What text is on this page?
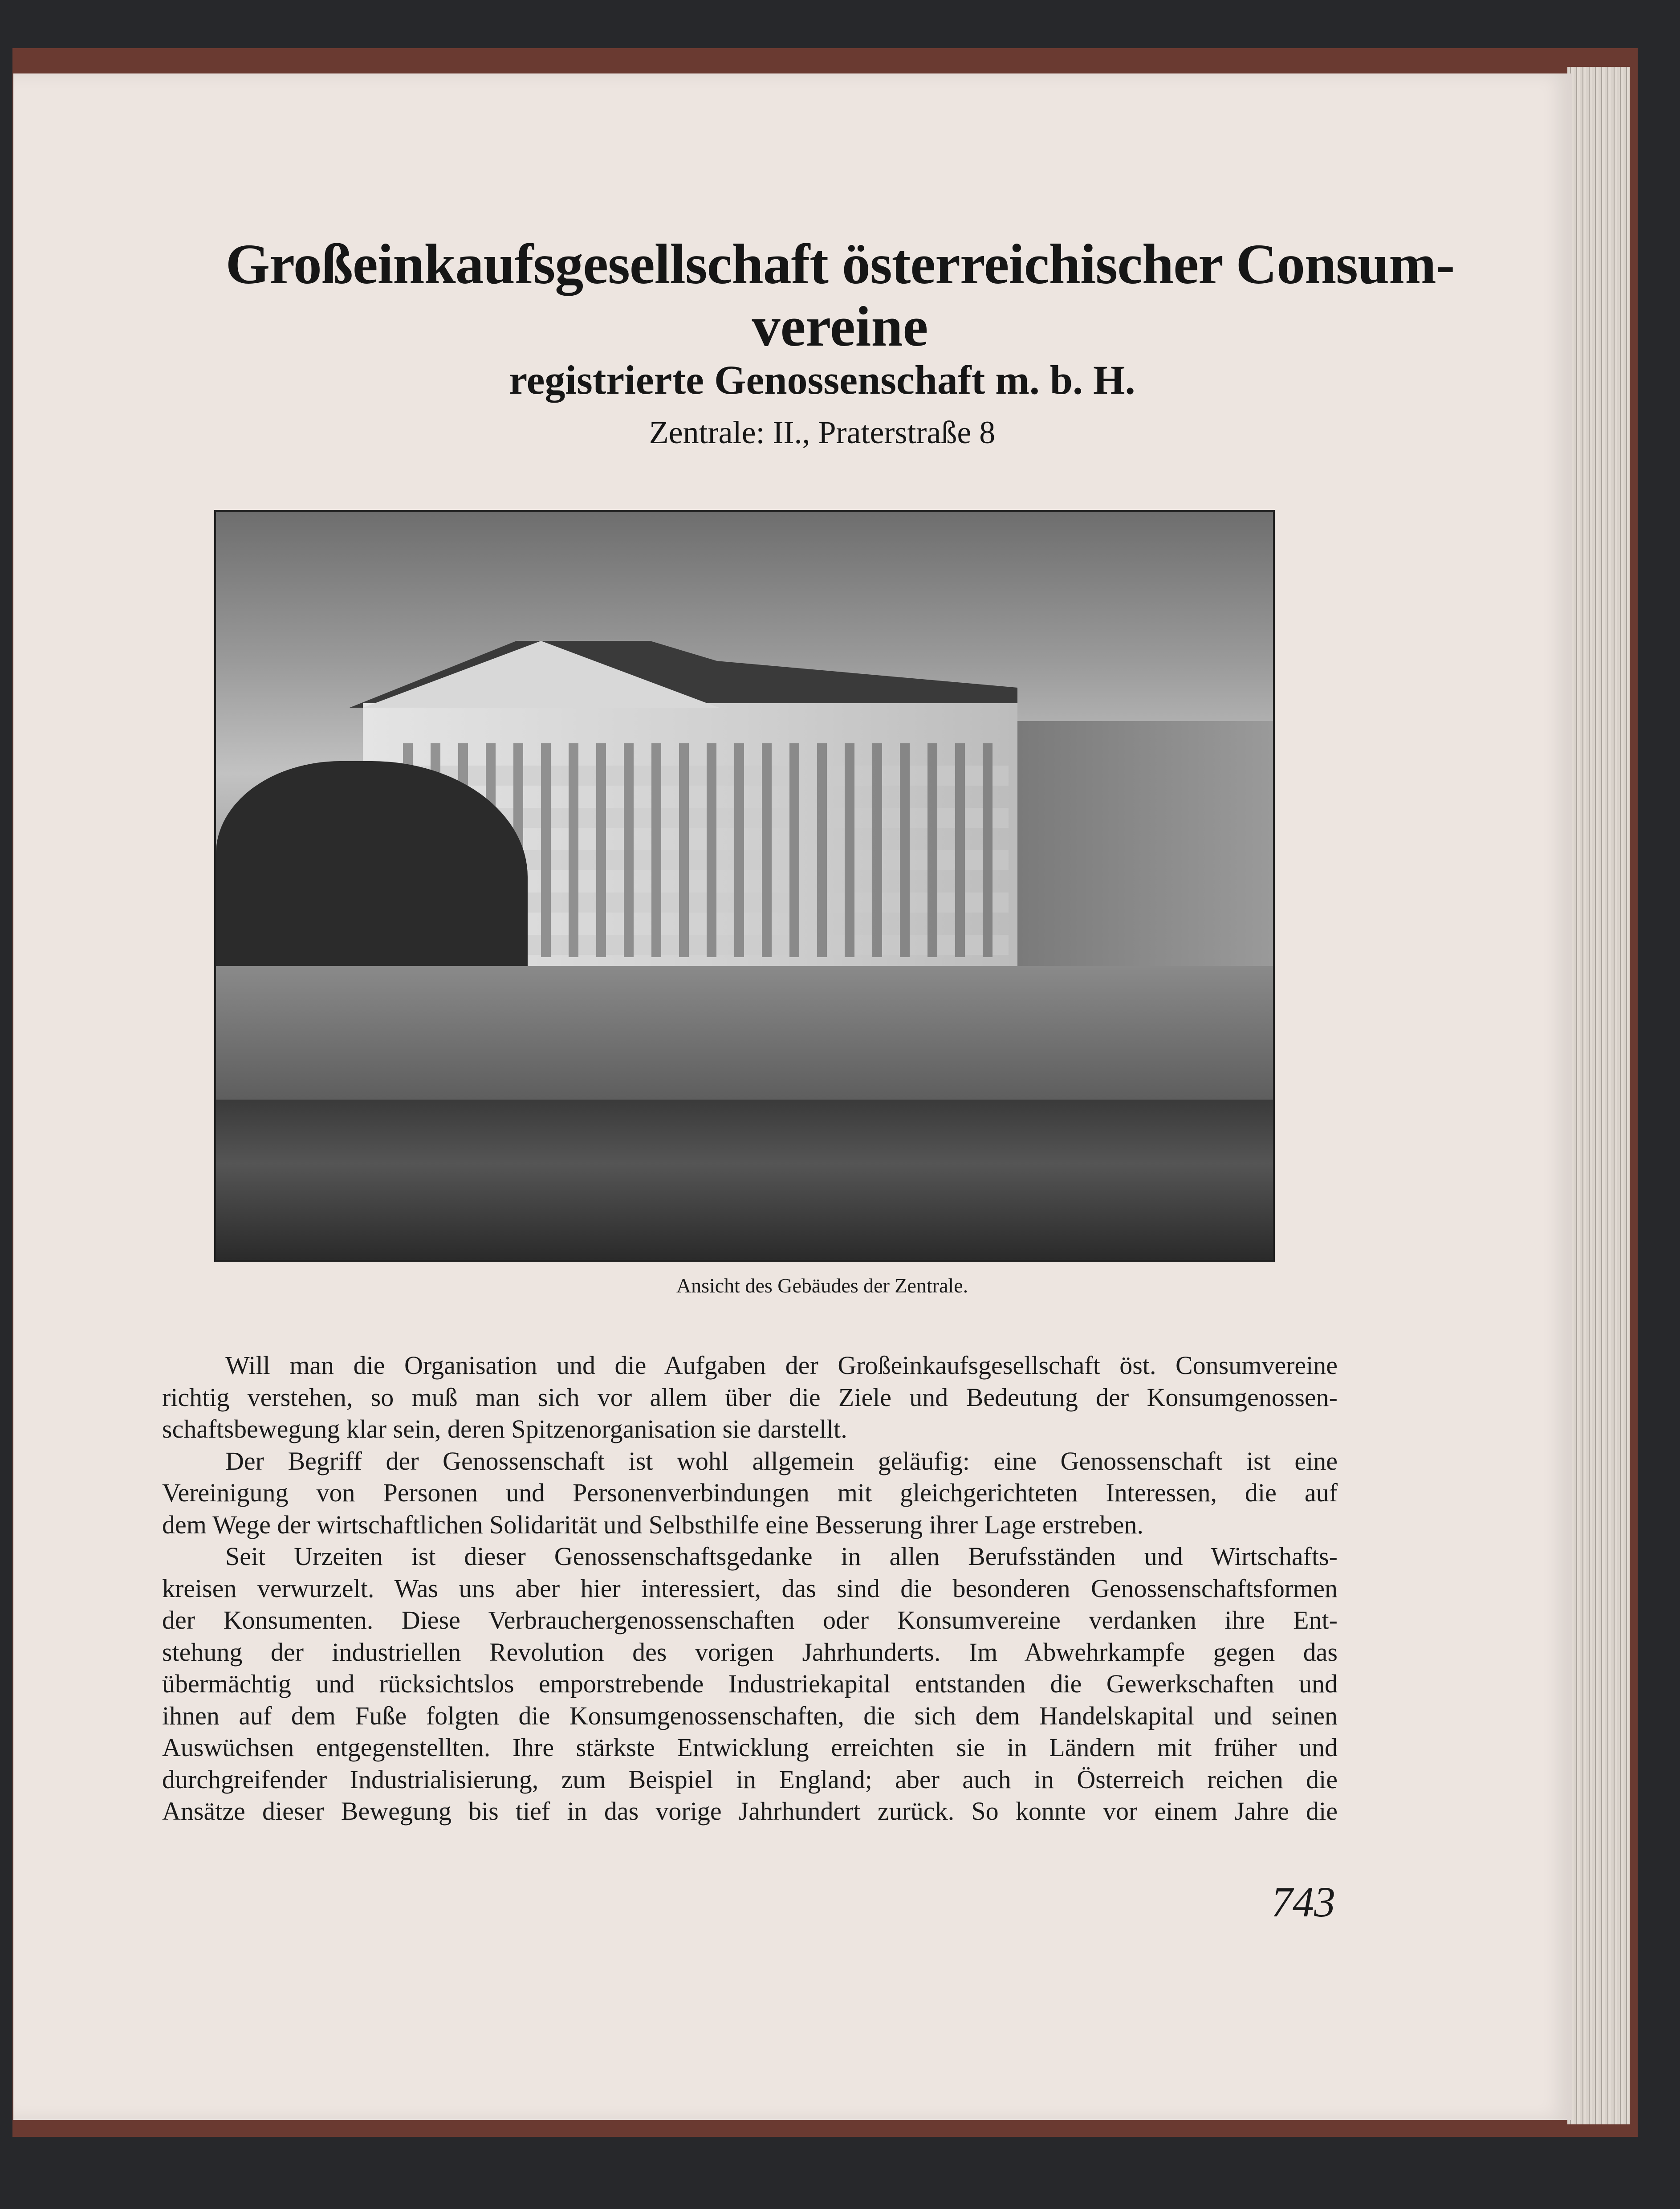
Großeinkaufsgesellschaft österreichischer Consum-
vereine
registrierte Genossenschaft m. b. H.
Zentrale: II., Praterstraße 8
Ansicht des Gebäudes der Zentrale.
Will man die Organisation und die Aufgaben der Großeinkaufsgesellschaft öst. Consumvereine
richtig verstehen, so muß man sich vor allem über die Ziele und Bedeutung der Konsumgenossen-
schaftsbewegung klar sein, deren Spitzenorganisation sie darstellt.
Der Begriff der Genossenschaft ist wohl allgemein geläufig: eine Genossenschaft ist eine
Vereinigung von Personen und Personenverbindungen mit gleichgerichteten Interessen, die auf
dem Wege der wirtschaftlichen Solidarität und Selbsthilfe eine Besserung ihrer Lage erstreben.
Seit Urzeiten ist dieser Genossenschaftsgedanke in allen Berufsständen und Wirtschafts-
kreisen verwurzelt. Was uns aber hier interessiert, das sind die besonderen Genossenschaftsformen
der Konsumenten. Diese Verbrauchergenossenschaften oder Konsumvereine verdanken ihre Ent-
stehung der industriellen Revolution des vorigen Jahrhunderts. Im Abwehrkampfe gegen das
übermächtig und rücksichtslos emporstrebende Industriekapital entstanden die Gewerkschaften und
ihnen auf dem Fuße folgten die Konsumgenossenschaften, die sich dem Handelskapital und seinen
Auswüchsen entgegenstellten. Ihre stärkste Entwicklung erreichten sie in Ländern mit früher und
durchgreifender Industrialisierung, zum Beispiel in England; aber auch in Österreich reichen die
Ansätze dieser Bewegung bis tief in das vorige Jahrhundert zurück. So konnte vor einem Jahre die
743
